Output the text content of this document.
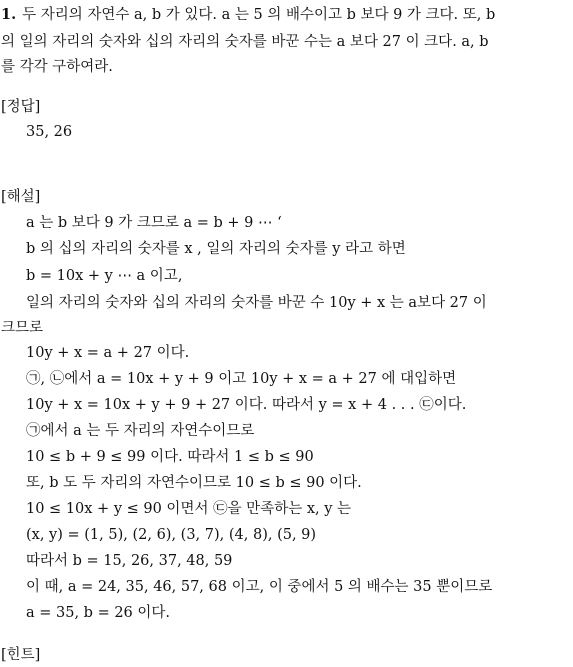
1. 두 자리의 자연수 a, b 가 있다. a 는 5 의 배수이고 b 보다 9 가 크다. 또, b
의 일의 자리의 숫자와 십의 자리의 숫자를 바꾼 수는 a 보다 27 이 크다. a, b
를 각각 구하여라.
[정답]
35, 26
[해설]
a 는 b 보다 9 가 크므로 a = b + 9 ⋯ ‘
b 의 십의 자리의 숫자를 x , 일의 자리의 숫자를 y 라고 하면
b = 10x + y ⋯ a 이고,
일의 자리의 숫자와 십의 자리의 숫자를 바꾼 수 10y + x 는 a보다 27 이
크므로
10y + x = a + 27 이다.
㉠, ㉡에서 a = 10x + y + 9 이고 10y + x = a + 27 에 대입하면
10y + x = 10x + y + 9 + 27 이다. 따라서 y = x + 4 . . . ㉢이다.
㉠에서 a 는 두 자리의 자연수이므로
10 ≤ b + 9 ≤ 99 이다. 따라서 1 ≤ b ≤ 90
또, b 도 두 자리의 자연수이므로 10 ≤ b ≤ 90 이다.
10 ≤ 10x + y ≤ 90 이면서 ㉢을 만족하는 x, y 는
(x, y) = (1, 5), (2, 6), (3, 7), (4, 8), (5, 9)
따라서 b = 15, 26, 37, 48, 59
이 때, a = 24, 35, 46, 57, 68 이고, 이 중에서 5 의 배수는 35 뿐이므로
a = 35, b = 26 이다.
[힌트]
